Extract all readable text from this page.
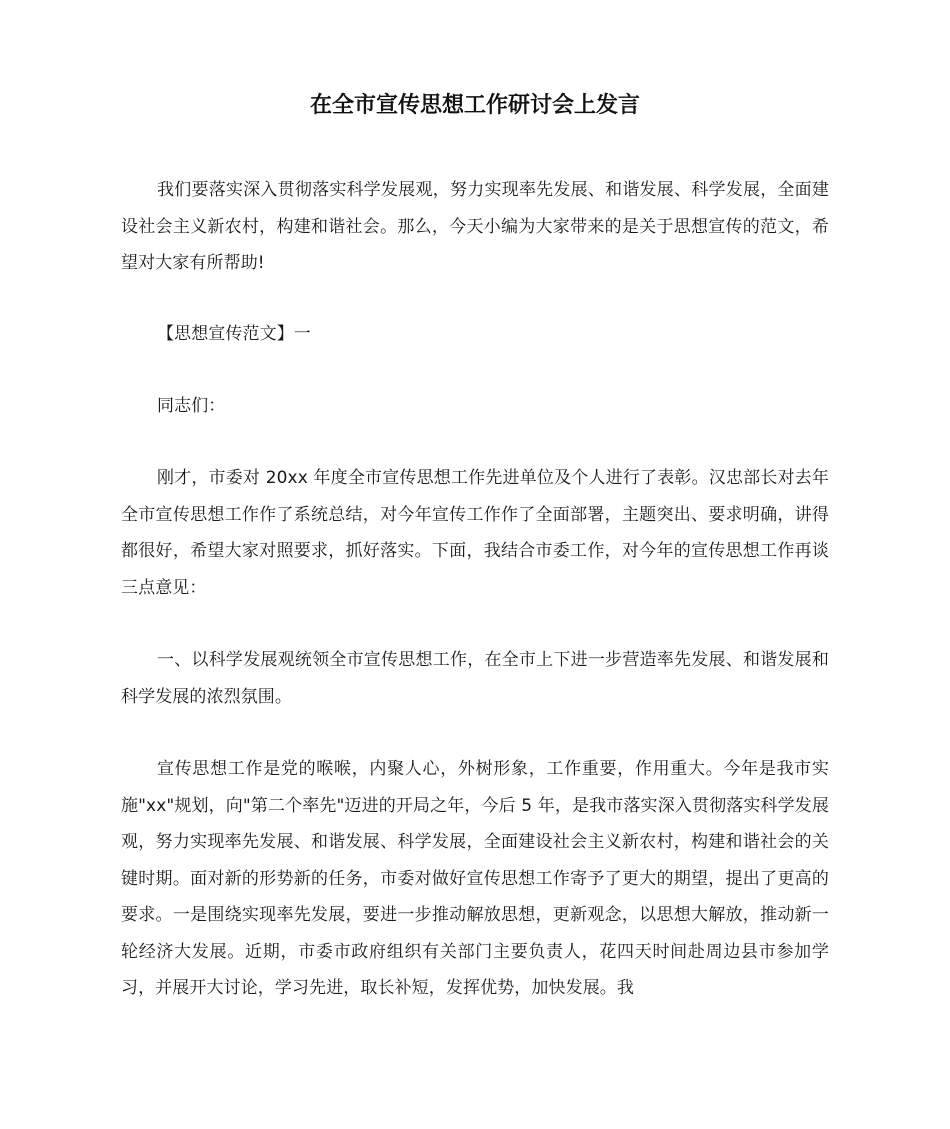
在全市宣传思想工作研讨会上发言
我们要落实深入贯彻落实科学发展观，努力实现率先发展、和谐发展、科学发展，全面建设社会主义新农村，构建和谐社会。那么，今天小编为大家带来的是关于思想宣传的范文，希望对大家有所帮助!
【思想宣传范文】一
同志们：
刚才，市委对 20xx 年度全市宣传思想工作先进单位及个人进行了表彰。汉忠部长对去年全市宣传思想工作作了系统总结，对今年宣传工作作了全面部署，主题突出、要求明确，讲得都很好，希望大家对照要求，抓好落实。下面，我结合市委工作，对今年的宣传思想工作再谈三点意见：
一、以科学发展观统领全市宣传思想工作，在全市上下进一步营造率先发展、和谐发展和科学发展的浓烈氛围。
宣传思想工作是党的喉喉，内聚人心，外树形象，工作重要，作用重大。今年是我市实施"xx"规划，向"第二个率先"迈进的开局之年，今后 5 年，是我市落实深入贯彻落实科学发展观，努力实现率先发展、和谐发展、科学发展，全面建设社会主义新农村，构建和谐社会的关键时期。面对新的形势新的任务，市委对做好宣传思想工作寄予了更大的期望，提出了更高的要求。一是围绕实现率先发展，要进一步推动解放思想，更新观念，以思想大解放，推动新一轮经济大发展。近期，市委市政府组织有关部门主要负责人，花四天时间赴周边县市参加学习，并展开大讨论，学习先进，取长补短，发挥优势，加快发展。我
